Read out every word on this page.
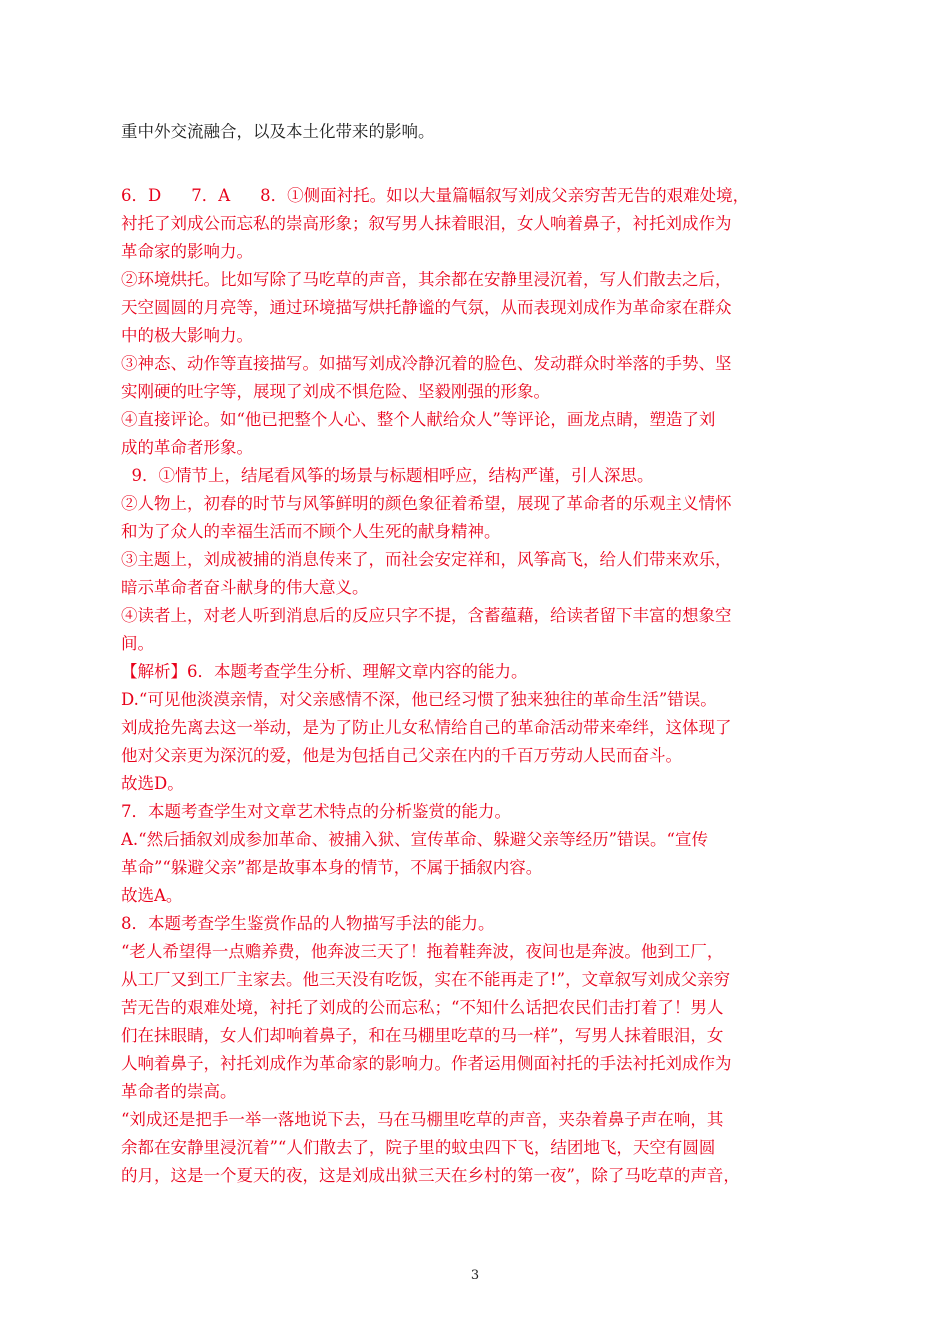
重中外交流融合，以及本土化带来的影响。
6．D 7．A 8．①侧面衬托。如以大量篇幅叙写刘成父亲穷苦无告的艰难处境，
衬托了刘成公而忘私的崇高形象；叙写男人抹着眼泪，女人响着鼻子，衬托刘成作为
革命家的影响力。
②环境烘托。比如写除了马吃草的声音，其余都在安静里浸沉着，写人们散去之后，
天空圆圆的月亮等，通过环境描写烘托静谧的气氛，从而表现刘成作为革命家在群众
中的极大影响力。
③神态、动作等直接描写。如描写刘成冷静沉着的脸色、发动群众时举落的手势、坚
实刚硬的吐字等，展现了刘成不惧危险、坚毅刚强的形象。
④直接评论。如“他已把整个人心、整个人献给众人”等评论，画龙点睛，塑造了刘
成的革命者形象。
9．①情节上，结尾看风筝的场景与标题相呼应，结构严谨，引人深思。
②人物上，初春的时节与风筝鲜明的颜色象征着希望，展现了革命者的乐观主义情怀
和为了众人的幸福生活而不顾个人生死的献身精神。
③主题上，刘成被捕的消息传来了，而社会安定祥和，风筝高飞，给人们带来欢乐，
暗示革命者奋斗献身的伟大意义。
④读者上，对老人听到消息后的反应只字不提，含蓄蕴藉，给读者留下丰富的想象空
间。
【解析】6．本题考查学生分析、理解文章内容的能力。
D.“可见他淡漠亲情，对父亲感情不深，他已经习惯了独来独往的革命生活”错误。
刘成抢先离去这一举动，是为了防止儿女私情给自己的革命活动带来牵绊，这体现了
他对父亲更为深沉的爱，他是为包括自己父亲在内的千百万劳动人民而奋斗。
故选D。
7．本题考查学生对文章艺术特点的分析鉴赏的能力。
A.“然后插叙刘成参加革命、被捕入狱、宣传革命、躲避父亲等经历”错误。“宣传
革命”“躲避父亲”都是故事本身的情节，不属于插叙内容。
故选A。
8．本题考查学生鉴赏作品的人物描写手法的能力。
“老人希望得一点赡养费，他奔波三天了！拖着鞋奔波，夜间也是奔波。他到工厂，
从工厂又到工厂主家去。他三天没有吃饭，实在不能再走了!”，文章叙写刘成父亲穷
苦无告的艰难处境，衬托了刘成的公而忘私；“不知什么话把农民们击打着了！男人
们在抹眼睛，女人们却响着鼻子，和在马棚里吃草的马一样”，写男人抹着眼泪，女
人响着鼻子，衬托刘成作为革命家的影响力。作者运用侧面衬托的手法衬托刘成作为
革命者的崇高。
“刘成还是把手一举一落地说下去，马在马棚里吃草的声音，夹杂着鼻子声在响，其
余都在安静里浸沉着”“人们散去了，院子里的蚊虫四下飞，结团地飞，天空有圆圆
的月，这是一个夏天的夜，这是刘成出狱三天在乡村的第一夜”，除了马吃草的声音，
3
